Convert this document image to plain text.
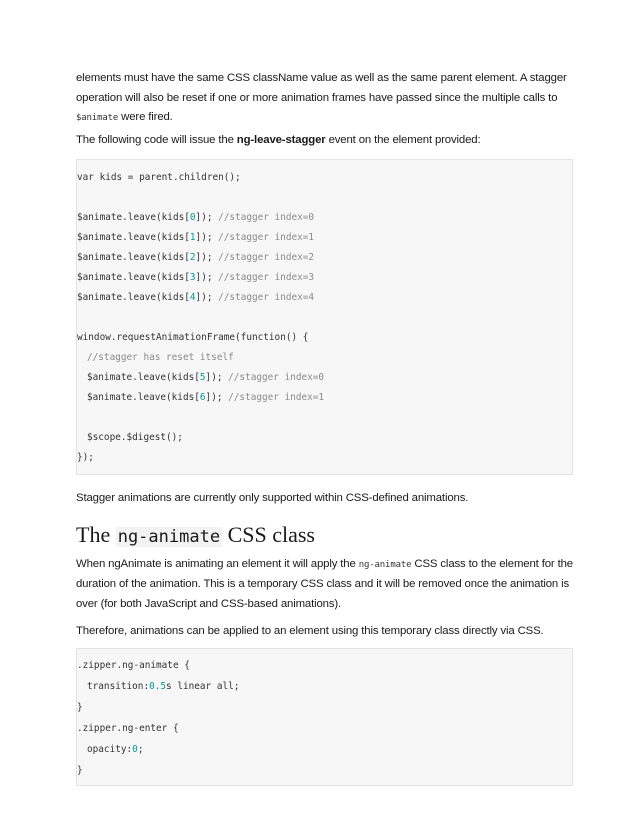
elements must have the same CSS className value as well as the same parent element. A stagger operation will also be reset if one or more animation frames have passed since the multiple calls to $animate were fired.

The following code will issue the ng-leave-stagger event on the element provided:

var kids = parent.children();
$animate.leave(kids[0]); //stagger index=0
$animate.leave(kids[1]); //stagger index=1
$animate.leave(kids[2]); //stagger index=2
$animate.leave(kids[3]); //stagger index=3
$animate.leave(kids[4]); //stagger index=4
window.requestAnimationFrame(function() {
//stagger has reset itself
$animate.leave(kids[5]); //stagger index=0
$animate.leave(kids[6]); //stagger index=1
$scope.$digest();
});

Stagger animations are currently only supported within CSS-defined animations.

The ng-animate CSS class

When ngAnimate is animating an element it will apply the ng-animate CSS class to the element for the duration of the animation. This is a temporary CSS class and it will be removed once the animation is over (for both JavaScript and CSS-based animations).

Therefore, animations can be applied to an element using this temporary class directly via CSS.

.zipper.ng-animate {
transition:0.5s linear all;
}
.zipper.ng-enter {
opacity:0;
}
